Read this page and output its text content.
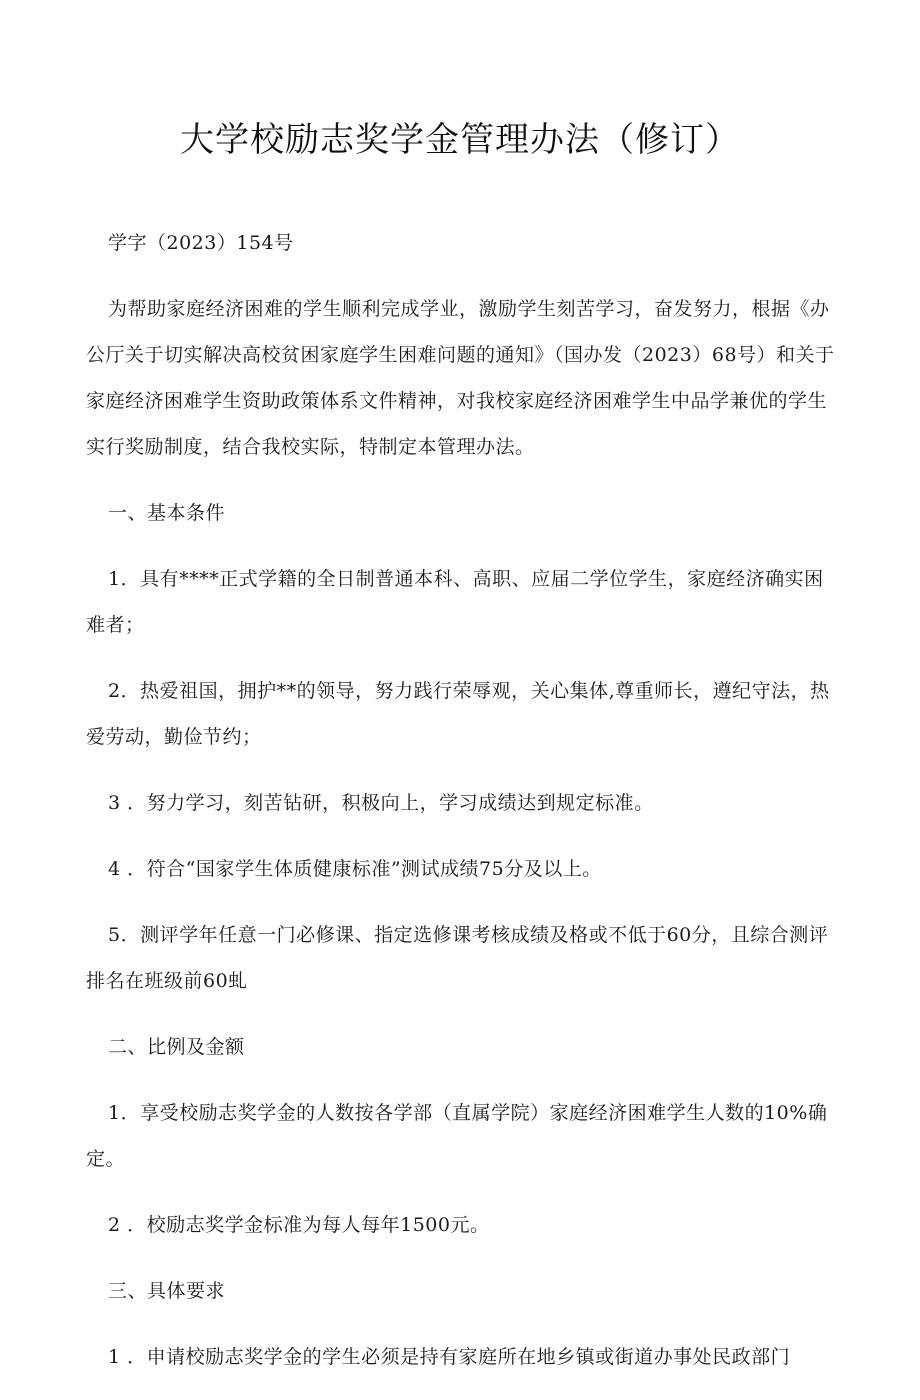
大学校励志奖学金管理办法（修订）

学字（2023）154号

为帮助家庭经济困难的学生顺利完成学业，激励学生刻苦学习，奋发努力，根据《办公厅关于切实解决高校贫困家庭学生困难问题的通知》（国办发（2023）68号）和关于家庭经济困难学生资助政策体系文件精神，对我校家庭经济困难学生中品学兼优的学生实行奖励制度，结合我校实际，特制定本管理办法。

一、基本条件

1．具有****正式学籍的全日制普通本科、高职、应届二学位学生，家庭经济确实困难者；

2．热爱祖国，拥护**的领导，努力践行荣辱观，关心集体,尊重师长，遵纪守法，热爱劳动，勤俭节约；

3 ．努力学习，刻苦钻研，积极向上，学习成绩达到规定标准。

4 ．符合“国家学生体质健康标准”测试成绩75分及以上。

5．测评学年任意一门必修课、指定选修课考核成绩及格或不低于60分，且综合测评排名在班级前60虬

二、比例及金额

1．享受校励志奖学金的人数按各学部（直属学院）家庭经济困难学生人数的10%确定。

2 ．校励志奖学金标准为每人每年1500元。

三、具体要求

1 ．申请校励志奖学金的学生必须是持有家庭所在地乡镇或街道办事处民政部门
